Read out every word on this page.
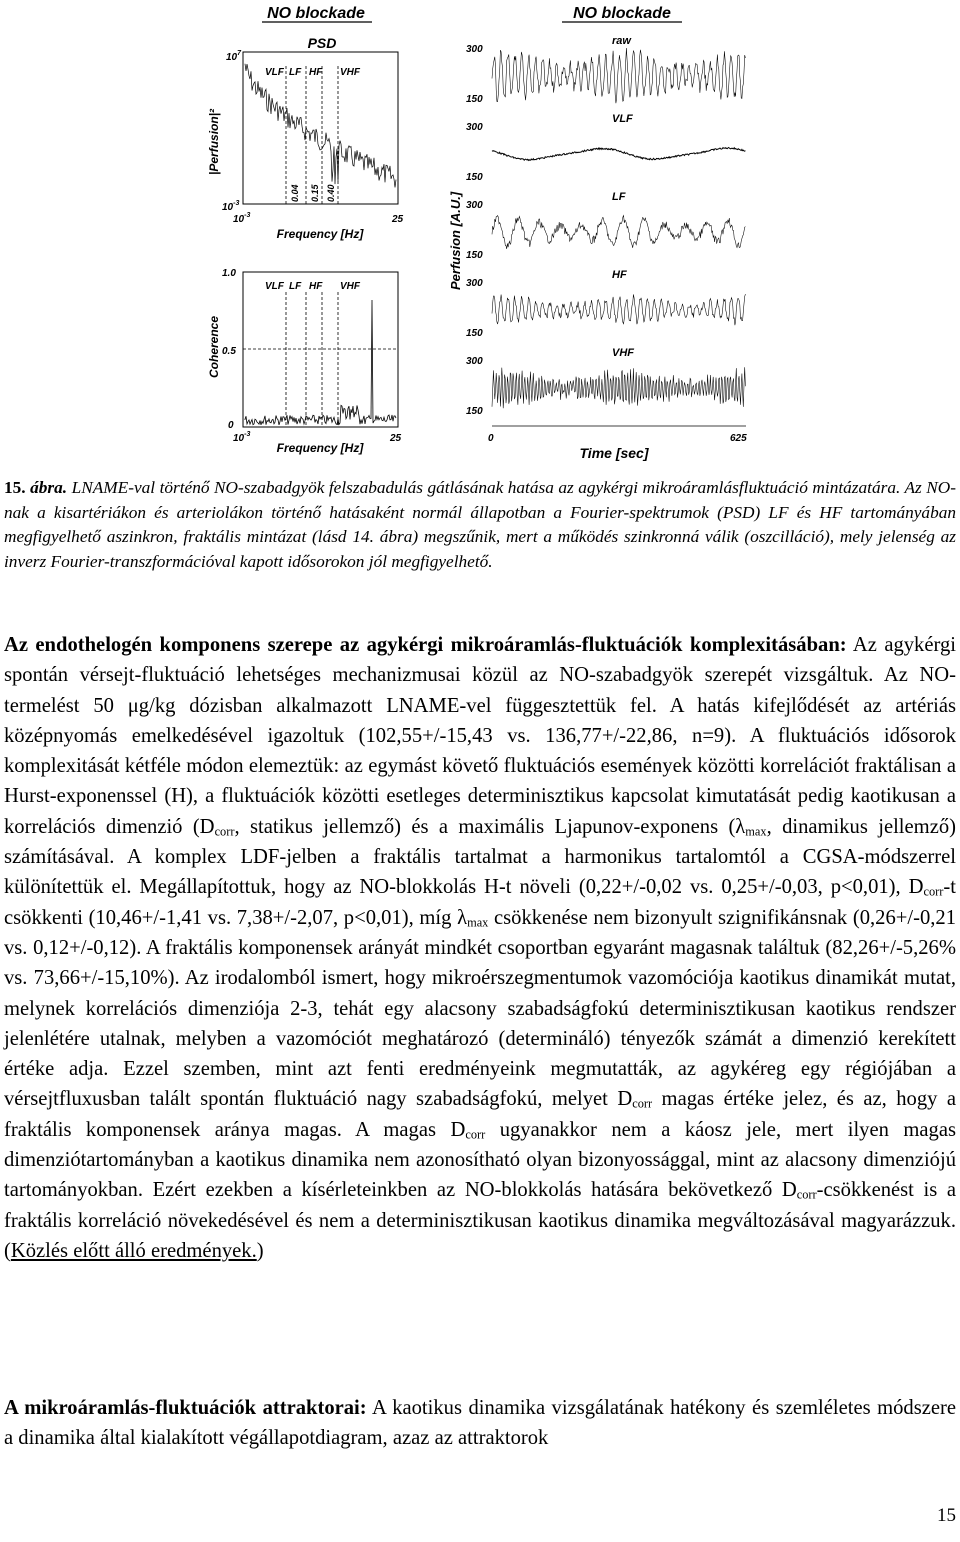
NO blockade
PSD
|Perfusion|²
$10^7$
$10^{-3}$
$10^{-3}$	25
Frequency [Hz]
VLF LF HF VHF
0.04 0.15 0.40
Coherence
1.0
0.5
0
$10^{-3}$	25
Frequency [Hz]
VLF LF HF VHF
NO blockade
Perfusion [A.U.]
raw
300
150
VLF
300
150
LF
300
150
HF
300
150
VHF
300
150
0	625
Time [sec]
15. ábra. LNAME-val történő NO-szabadgyök felszabadulás gátlásának hatása az agykérgi mikroáramlásfluktuáció mintázatára. Az NO-nak a kisartériákon és arteriolákon történő hatásaként normál állapotban a Fourier-spektrumok (PSD) LF és HF tartományában megfigyelhető aszinkron, fraktális mintázat (lásd 14. ábra) megszűnik, mert a működés szinkronná válik (oszcilláció), mely jelenség az inverz Fourier-transzformációval kapott idősorokon jól megfigyelhető.
Az endothelogén komponens szerepe az agykérgi mikroáramlás-fluktuációk komplexitásában: Az agykérgi spontán vérsejt-fluktuáció lehetséges mechanizmusai közül az NO-szabadgyök szerepét vizsgáltuk. Az NO-termelést 50 μg/kg dózisban alkalmazott LNAME-vel függesztettük fel. A hatás kifejlődését az artériás középnyomás emelkedésével igazoltuk (102,55+/-15,43 vs. 136,77+/-22,86, n=9). A fluktuációs idősorok komplexitását kétféle módon elemeztük: az egymást követő fluktuációs események közötti korrelációt fraktálisan a Hurst-exponenssel (H), a fluktuációk közötti esetleges determinisztikus kapcsolat kimutatását pedig kaotikusan a korrelációs dimenzió ($D_{corr}$, statikus jellemző) és a maximális Ljapunov-exponens ($\lambda_{max}$, dinamikus jellemző) számításával. A komplex LDF-jelben a fraktális tartalmat a harmonikus tartalomtól a CGSA-módszerrel különítettük el. Megállapítottuk, hogy az NO-blokkolás H-t növeli (0,22+/-0,02 vs. 0,25+/-0,03, p<0,01), $D_{corr}-t$ csökkenti (10,46+/-1,41 vs. 7,38+/-2,07, p<0,01), míg $\lambda_{max}$ csökkenése nem bizonyult szignifikánsnak (0,26+/-0,21 vs. 0,12+/-0,12). A fraktális komponensek arányát mindkét csoportban egyaránt magasnak találtuk (82,26+/-5,26% vs. 73,66+/-15,10%). Az irodalomból ismert, hogy mikroérszegmentumok vazomóciója kaotikus dinamikát mutat, melynek korrelációs dimenziója 2-3, tehát egy alacsony szabadságfokú determinisztikusan kaotikus rendszer jelenlétére utalnak, melyben a vazomóciót meghatározó (determináló) tényezők számát a dimenzió kerekített értéke adja. Ezzel szemben, mint azt fenti eredményeink megmutatták, az agykéreg egy régiójában a vérsejtfluxusban talált spontán fluktuáció nagy szabadságfokú, melyet $D_{corr}$ magas értéke jelez, és az, hogy a fraktális komponensek aránya magas. A magas $D_{corr}$ ugyanakkor nem a káosz jele, mert ilyen magas dimenziótartományban a kaotikus dinamika nem azonosítható olyan bizonyossággal, mint az alacsony dimenziójú tartományokban. Ezért ezekben a kísérleteinkben az NO-blokkolás hatására bekövetkező $D_{corr}$-csökkenést is a fraktális korreláció növekedésével és nem a determinisztikusan kaotikus dinamika megváltozásával magyarázzuk. (Közlés előtt álló eredmények.)
A mikroáramlás-fluktuációk attraktorai: A kaotikus dinamika vizsgálatának hatékony és szemléletes módszere a dinamika által kialakított végállapotdiagram, azaz az attraktorok
15
